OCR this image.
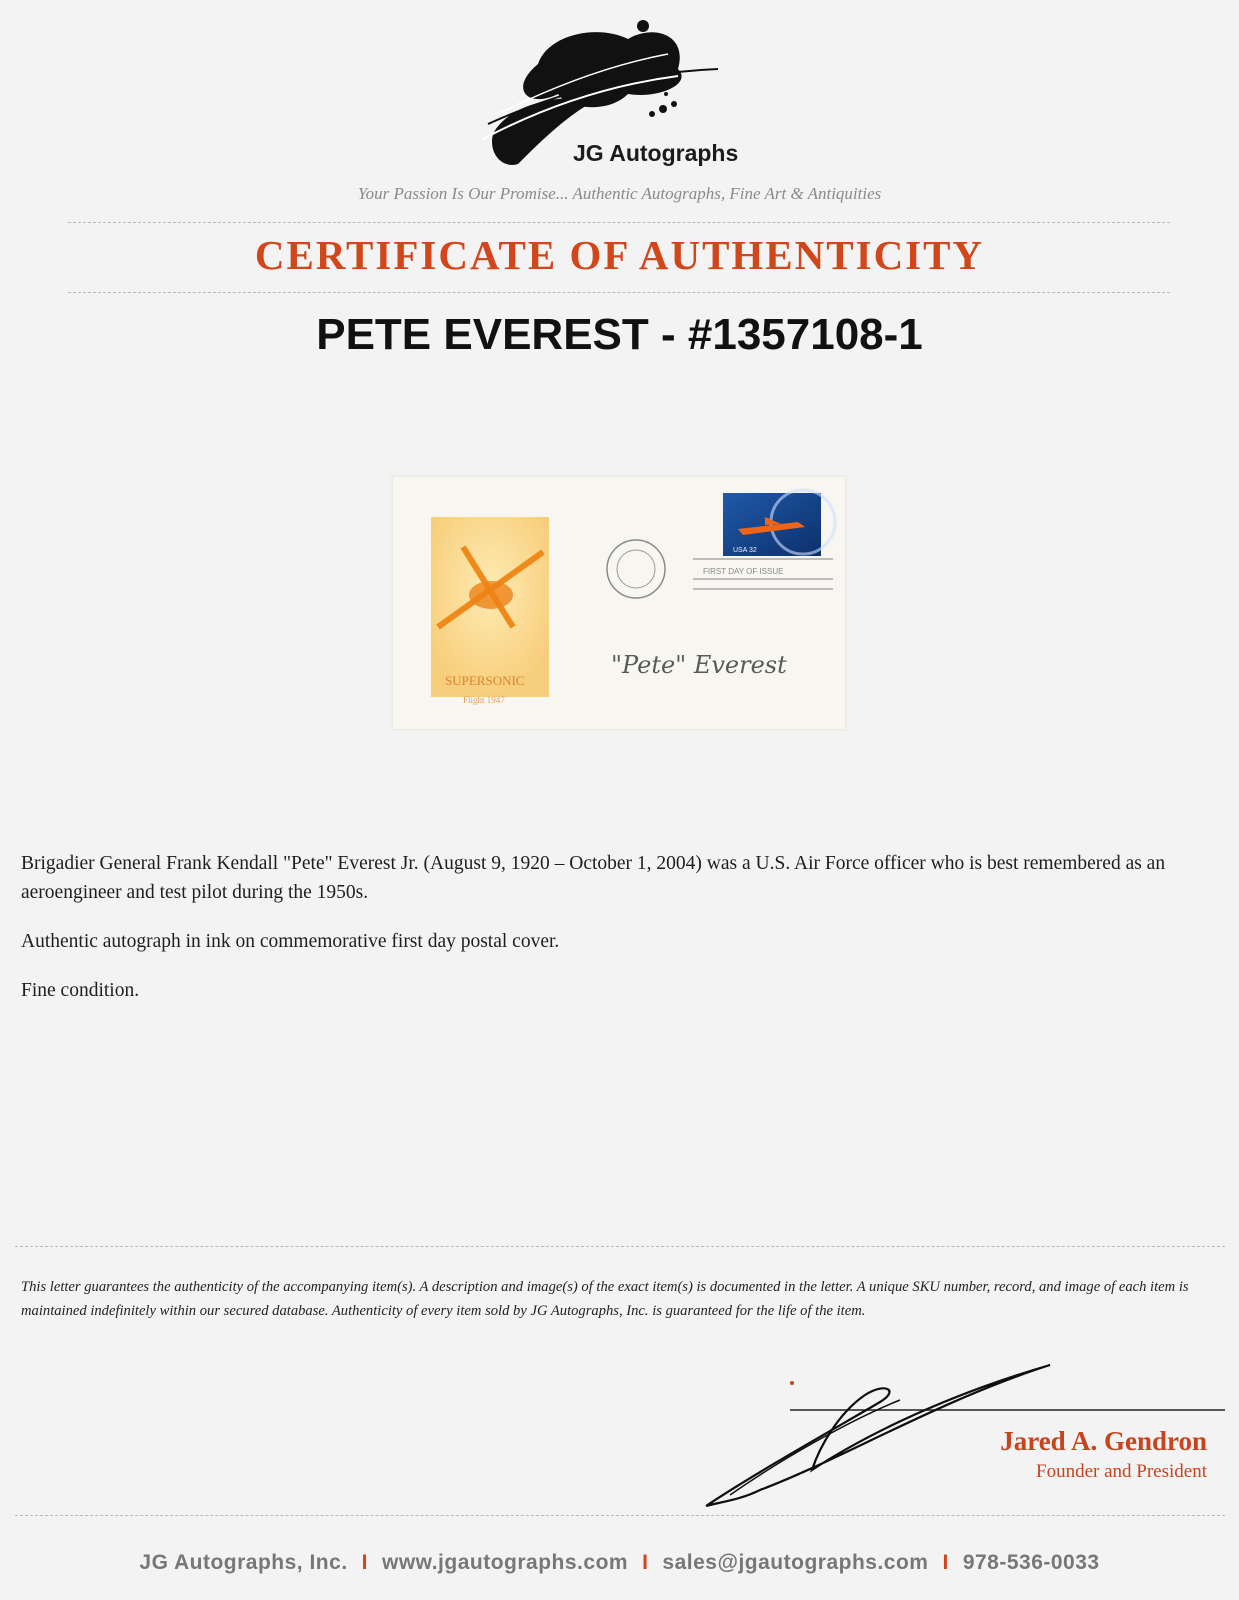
JG Autographs
Your Passion Is Our Promise... Authentic Autographs, Fine Art & Antiquities
CERTIFICATE OF AUTHENTICITY
PETE EVEREST - #1357108-1
SUPERSONIC
Flight 1947
USA 32
FIRST DAY OF ISSUE
"Pete" Everest
Brigadier General Frank Kendall "Pete" Everest Jr. (August 9, 1920 – October 1, 2004) was a U.S. Air Force officer who is best remembered as an aeroengineer and test pilot during the 1950s.
Authentic autograph in ink on commemorative first day postal cover.
Fine condition.
This letter guarantees the authenticity of the accompanying item(s). A description and image(s) of the exact item(s) is documented in the letter. A unique SKU number, record, and image of each item is maintained indefinitely within our secured database. Authenticity of every item sold by JG Autographs, Inc. is guaranteed for the life of the item.
Jared A. Gendron
Founder and President
JG Autographs, Inc. I www.jgautographs.com I sales@jgautographs.com I 978-536-0033
